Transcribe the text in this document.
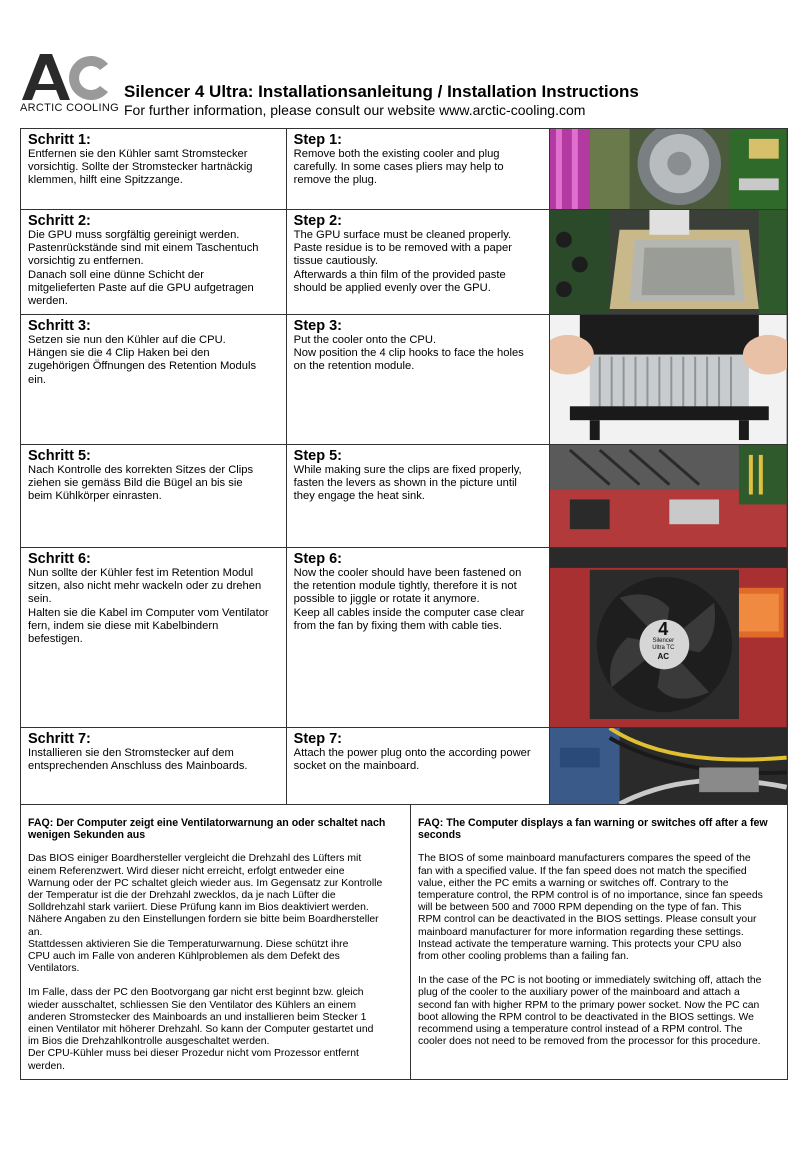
ARCTIC COOLING
Silencer 4 Ultra: Installationsanleitung / Installation Instructions
For further information, please consult our website www.arctic-cooling.com
Schritt 1:
Entfernen sie den Kühler samt Stromstecker
vorsichtig. Sollte der Stromstecker hartnäckig
klemmen, hilft eine Spitzzange.
Step 1:
Remove both the existing cooler and plug
carefully. In some cases pliers may help to
remove the plug.
Schritt 2:
Die GPU muss sorgfältig gereinigt werden.
Pastenrückstände sind mit einem Taschentuch
vorsichtig zu entfernen.
Danach soll eine dünne Schicht der
mitgelieferten Paste auf die GPU aufgetragen
werden.
Step 2:
The GPU surface must be cleaned properly.
Paste residue is to be removed with a paper
tissue cautiously.
Afterwards a thin film of the provided paste
should be applied evenly over the GPU.
Schritt 3:
Setzen sie nun den Kühler auf die CPU.
Hängen sie die 4 Clip Haken bei den
zugehörigen Öffnungen des Retention Moduls
ein.
Step 3:
Put the cooler onto the CPU.
Now position the 4 clip hooks to face the holes
on the retention module.
Schritt 5:
Nach Kontrolle des korrekten Sitzes der Clips
ziehen sie gemäss Bild die Bügel an bis sie
beim Kühlkörper einrasten.
Step 5:
While making sure the clips are fixed properly,
fasten the levers as shown in the picture until
they engage the heat sink.
Schritt 6:
Nun sollte der Kühler fest im Retention Modul
sitzen, also nicht mehr wackeln oder zu drehen
sein.
Halten sie die Kabel im Computer vom Ventilator
fern, indem sie diese mit Kabelbindern
befestigen.
Step 6:
Now the cooler should have been fastened on
the retention module tightly, therefore it is not
possible to jiggle or rotate it anymore.
Keep all cables inside the computer case clear
from the fan by fixing them with cable ties.	4
Silencer
Ultra TC
AC
Schritt 7:
Installieren sie den Stromstecker auf dem
entsprechenden Anschluss des Mainboards.
Step 7:
Attach the power plug onto the according power
socket on the mainboard.
FAQ: Der Computer zeigt eine Ventilatorwarnung an oder schaltet nach
wenigen Sekunden aus
Das BIOS einiger Boardhersteller vergleicht die Drehzahl des Lüfters mit
einem Referenzwert. Wird dieser nicht erreicht, erfolgt entweder eine
Warnung oder der PC schaltet gleich wieder aus. Im Gegensatz zur Kontrolle
der Temperatur ist die der Drehzahl zwecklos, da je nach Lüfter die
Solldrehzahl stark variiert. Diese Prüfung kann im Bios deaktiviert werden.
Nähere Angaben zu den Einstellungen fordern sie bitte beim Boardhersteller
an.
Stattdessen aktivieren Sie die Temperaturwarnung. Diese schützt ihre
CPU auch im Falle von anderen Kühlproblemen als dem Defekt des
Ventilators.
Im Falle, dass der PC den Bootvorgang gar nicht erst beginnt bzw. gleich
wieder ausschaltet, schliessen Sie den Ventilator des Kühlers an einem
anderen Stromstecker des Mainboards an und installieren beim Stecker 1
einen Ventilator mit höherer Drehzahl. So kann der Computer gestartet und
im Bios die Drehzahlkontrolle ausgeschaltet werden.
Der CPU-Kühler muss bei dieser Prozedur nicht vom Prozessor entfernt
werden.
FAQ: The Computer displays a fan warning or switches off after a few
seconds
The BIOS of some mainboard manufacturers compares the speed of the
fan with a specified value. If the fan speed does not match the specified
value, either the PC emits a warning or switches off. Contrary to the
temperature control, the RPM control is of no importance, since fan speeds
will be between 500 and 7000 RPM depending on the type of fan. This
RPM control can be deactivated in the BIOS settings. Please consult your
mainboard manufacturer for more information regarding these settings.
Instead activate the temperature warning. This protects your CPU also
from other cooling problems than a failing fan.
In the case of the PC is not booting or immediately switching off, attach the
plug of the cooler to the auxiliary power of the mainboard and attach a
second fan with higher RPM to the primary power socket. Now the PC can
boot allowing the RPM control to be deactivated in the BIOS settings. We
recommend using a temperature control instead of a RPM control. The
cooler does not need to be removed from the processor for this procedure.
